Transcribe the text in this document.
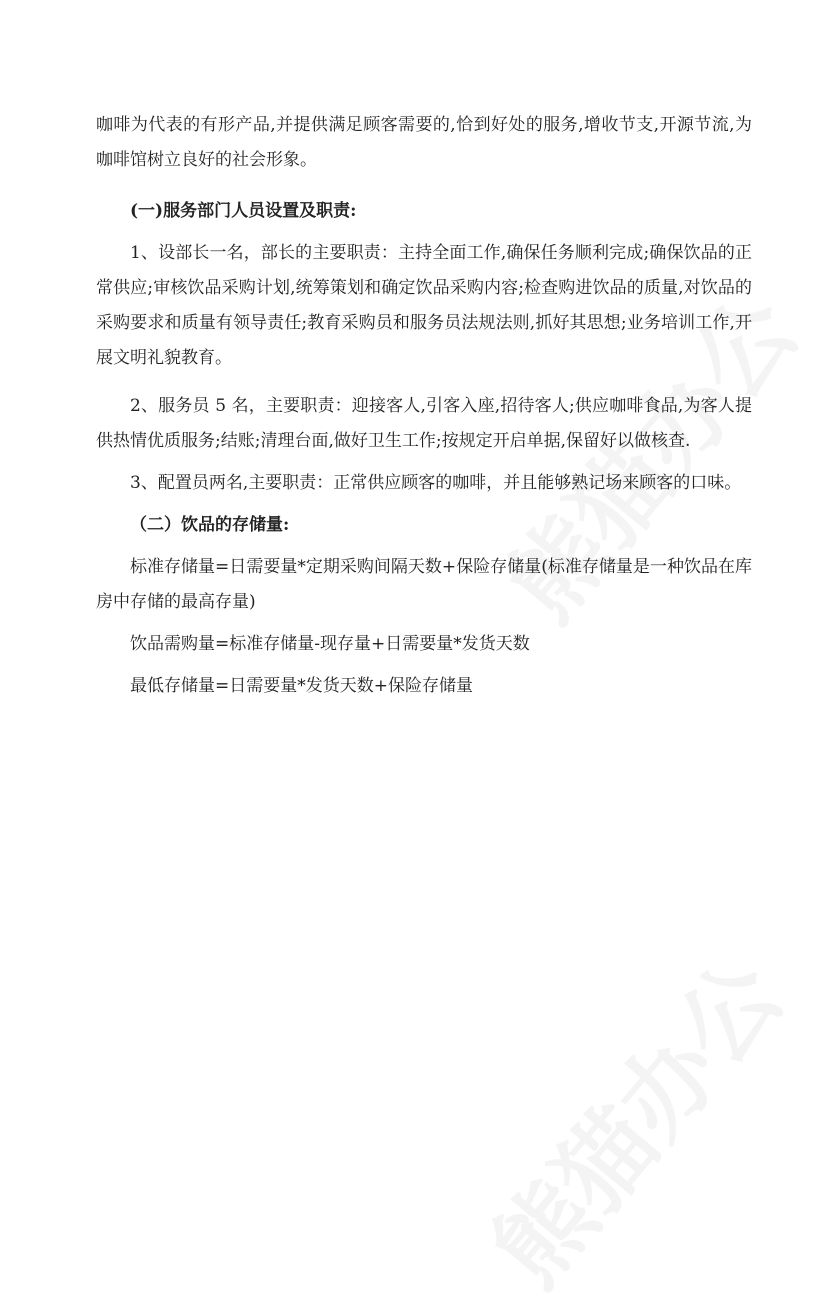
咖啡为代表的有形产品,并提供满足顾客需要的,恰到好处的服务,增收节支,开源节流,为咖啡馆树立良好的社会形象。

(一)服务部门人员设置及职责:

1、设部长一名，部长的主要职责：主持全面工作,确保任务顺利完成;确保饮品的正常供应;审核饮品采购计划,统筹策划和确定饮品采购内容;检查购进饮品的质量,对饮品的采购要求和质量有领导责任;教育采购员和服务员法规法则,抓好其思想;业务培训工作,开展文明礼貌教育。

2、服务员 5 名，主要职责：迎接客人,引客入座,招待客人;供应咖啡食品,为客人提供热情优质服务;结账;清理台面,做好卫生工作;按规定开启单据,保留好以做核查.

3、配置员两名,主要职责：正常供应顾客的咖啡，并且能够熟记场来顾客的口味。

（二）饮品的存储量:

标准存储量=日需要量*定期采购间隔天数+保险存储量(标准存储量是一种饮品在库房中存储的最高存量)

饮品需购量=标准存储量-现存量+日需要量*发货天数

最低存储量=日需要量*发货天数+保险存储量
